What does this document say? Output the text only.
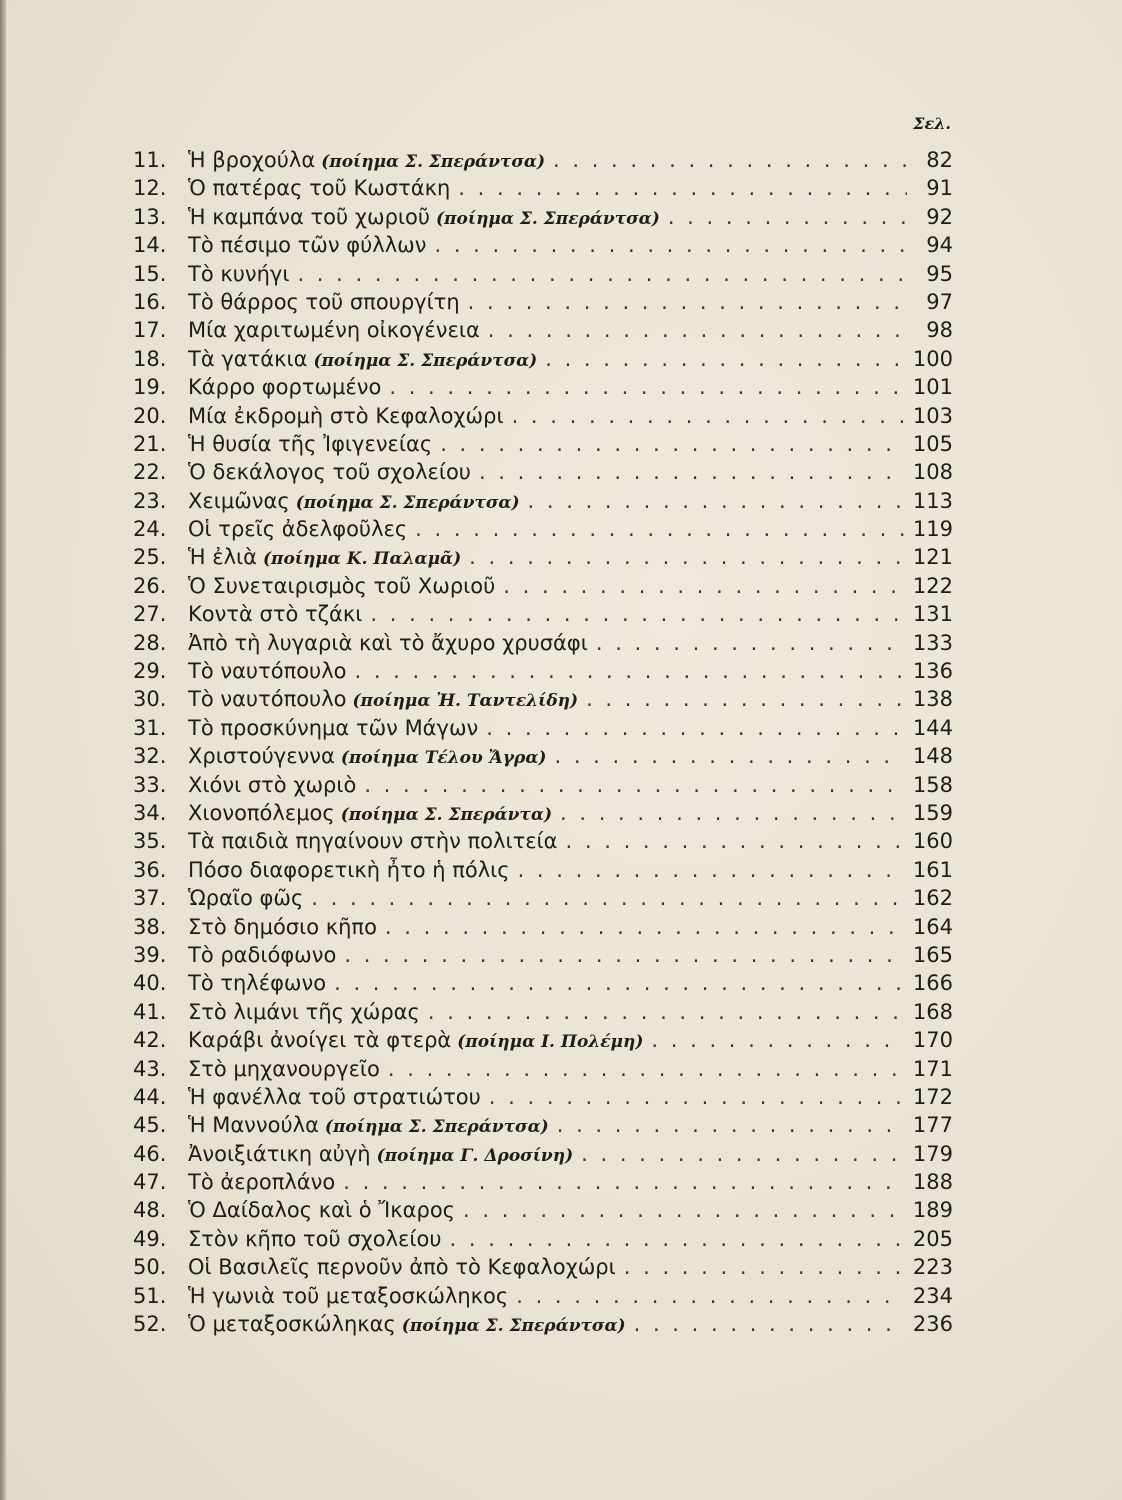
Σελ.
11.	Ἡ βροχούλα (ποίημα Σ. Σπεράντσα) . . .	82
12.	Ὁ πατέρας τοῦ Κωστάκη . . .	91
13.	Ἡ καμπάνα τοῦ χωριοῦ (ποίημα Σ. Σπεράντσα) . . .	92
14.	Τὸ πέσιμο τῶν φύλλων . . .	94
15.	Τὸ κυνήγι . . .	95
16.	Τὸ θάρρος τοῦ σπουργίτη . . .	97
17.	Μία χαριτωμένη οἰκογένεια . . .	98
18.	Τὰ γατάκια (ποίημα Σ. Σπεράντσα) . . .	100
19.	Κάρρο φορτωμένο . . .	101
20.	Μία ἐκδρομὴ στὸ Κεφαλοχώρι . . .	103
21.	Ἡ θυσία τῆς Ἰφιγενείας . . .	105
22.	Ὁ δεκάλογος τοῦ σχολείου . . .	108
23.	Χειμῶνας (ποίημα Σ. Σπεράντσα) . . .	113
24.	Οἱ τρεῖς ἀδελφοῦλες . . .	119
25.	Ἡ ἐλιὰ (ποίημα Κ. Παλαμᾶ) . . .	121
26.	Ὁ Συνεταιρισμὸς τοῦ Χωριοῦ . . .	122
27.	Κοντὰ στὸ τζάκι . . .	131
28.	Ἀπὸ τὴ λυγαριὰ καὶ τὸ ἄχυρο χρυσάφι . . .	133
29.	Τὸ ναυτόπουλο . . .	136
30.	Τὸ ναυτόπουλο (ποίημα Ἠ. Ταντελίδη) . . .	138
31.	Τὸ προσκύνημα τῶν Μάγων . . .	144
32.	Χριστούγεννα (ποίημα Τέλου Ἄγρα) . . .	148
33.	Χιόνι στὸ χωριὸ . . .	158
34.	Χιονοπόλεμος (ποίημα Σ. Σπεράντα) . . .	159
35.	Τὰ παιδιὰ πηγαίνουν στὴν πολιτεία . . .	160
36.	Πόσο διαφορετικὴ ἦτο ἡ πόλις . . .	161
37.	Ὡραῖο φῶς . . .	162
38.	Στὸ δημόσιο κῆπο . . .	164
39.	Τὸ ραδιόφωνο . . .	165
40.	Τὸ τηλέφωνο . . .	166
41.	Στὸ λιμάνι τῆς χώρας . . .	168
42.	Καράβι ἀνοίγει τὰ φτερὰ (ποίημα Ι. Πολέμη) . . .	170
43.	Στὸ μηχανουργεῖο . . .	171
44.	Ἡ φανέλλα τοῦ στρατιώτου . . .	172
45.	Ἡ Μαννούλα (ποίημα Σ. Σπεράντσα) . . .	177
46.	Ἀνοιξιάτικη αὐγὴ (ποίημα Γ. Δροσίνη) . . .	179
47.	Τὸ ἀεροπλάνο . . .	188
48.	Ὁ Δαίδαλος καὶ ὁ Ἴκαρος . . .	189
49.	Στὸν κῆπο τοῦ σχολείου . . .	205
50.	Οἱ Βασιλεῖς περνοῦν ἀπὸ τὸ Κεφαλοχώρι . . .	223
51.	Ἡ γωνιὰ τοῦ μεταξοσκώληκος . . .	234
52.	Ὁ μεταξοσκώληκας (ποίημα Σ. Σπεράντσα) . . .	236
